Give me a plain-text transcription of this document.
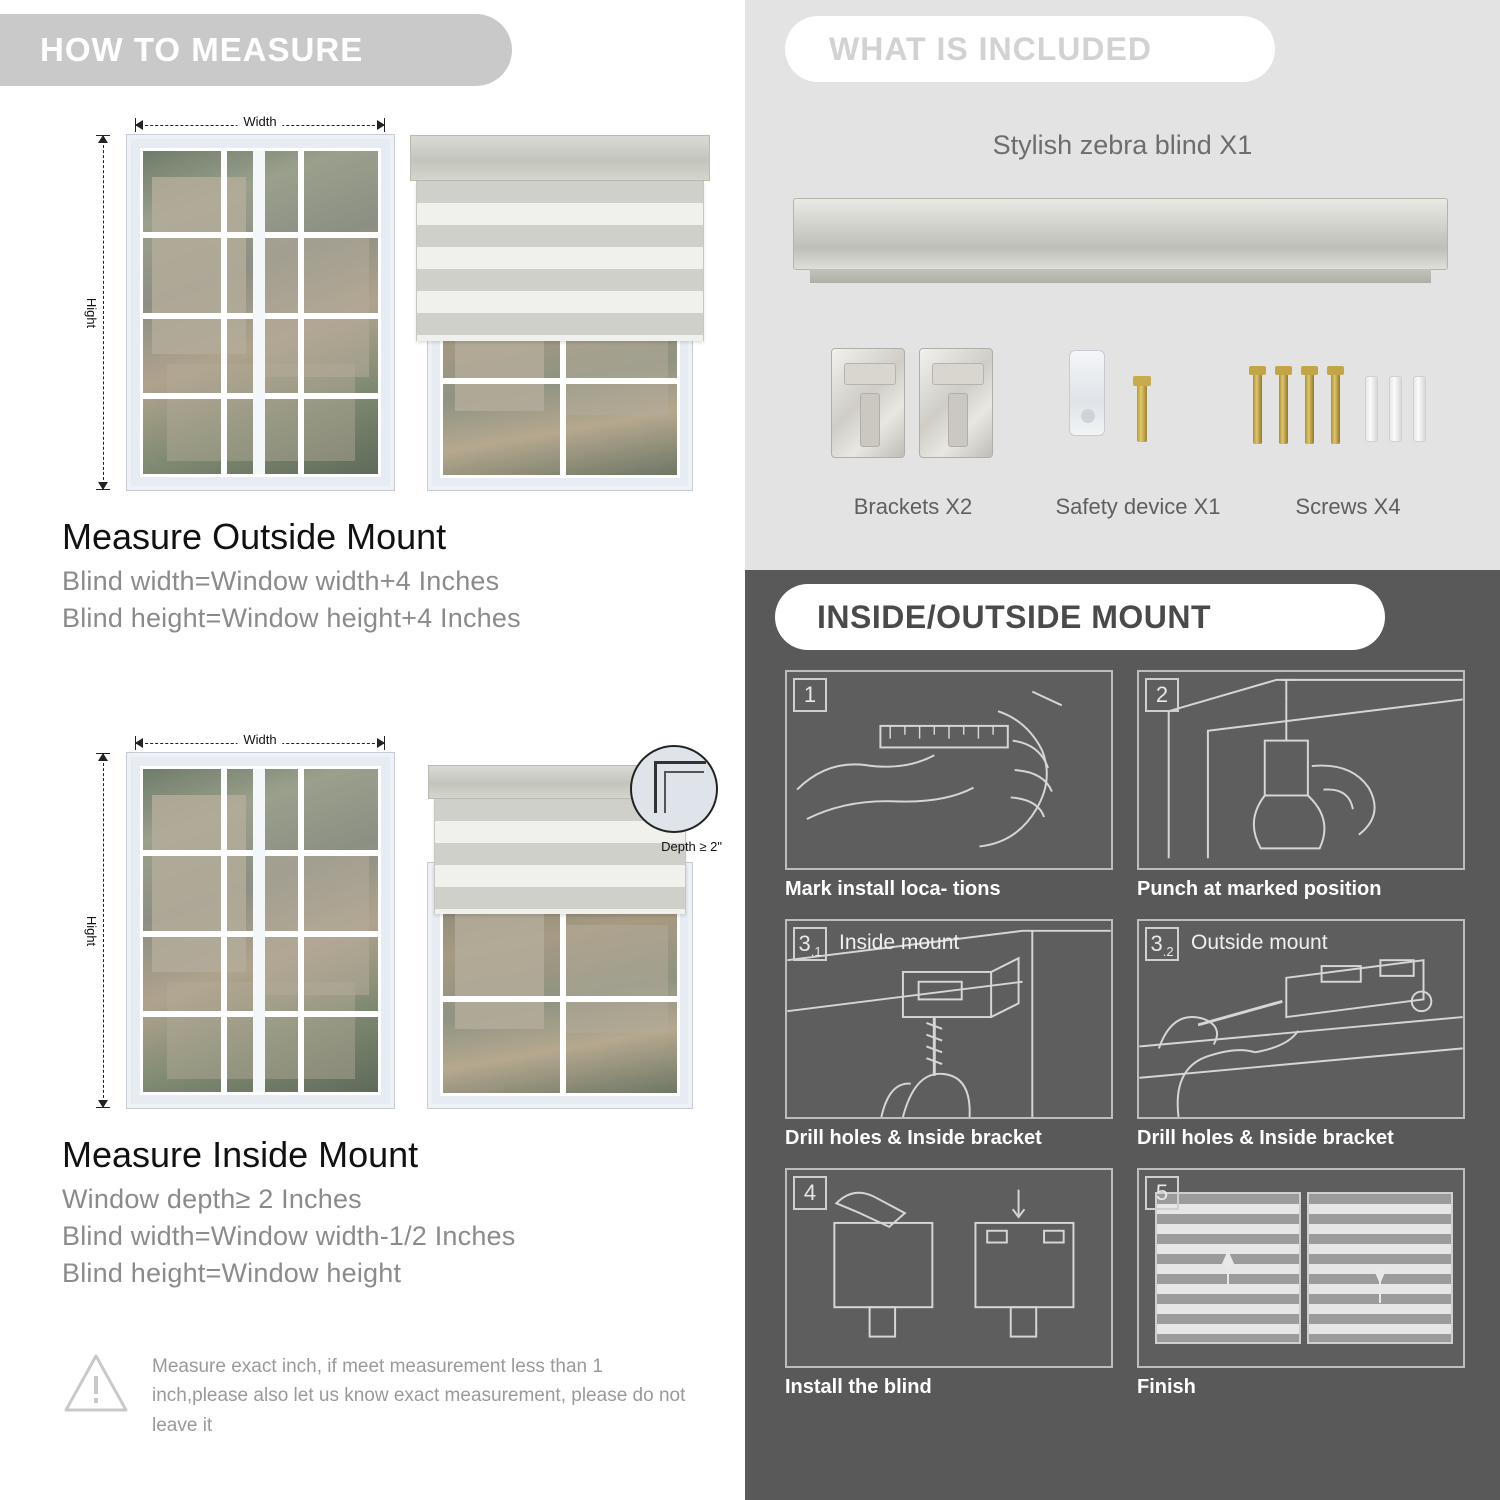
HOW TO MEASURE
Width
Hight
Measure Outside Mount
Blind width=Window width+4 Inches
Blind height=Window height+4 Inches
Width
Hight
Depth ≥ 2"
Measure Inside Mount
Window depth≥ 2 Inches
Blind width=Window width-1/2 Inches
Blind height=Window height
Measure exact inch, if meet measurement less than 1 inch,please also let us know exact measurement, please do not leave it
WHAT IS INCLUDED
Stylish zebra blind X1
Brackets X2	Safety device X1	Screws X4
INSIDE/OUTSIDE MOUNT
1
Mark install loca- tions
2
Punch at marked position
3 .1 Inside mount
Drill holes & Inside bracket
3 .2 Outside mount
Drill holes & Inside bracket
4
Install the blind
5
Finish
